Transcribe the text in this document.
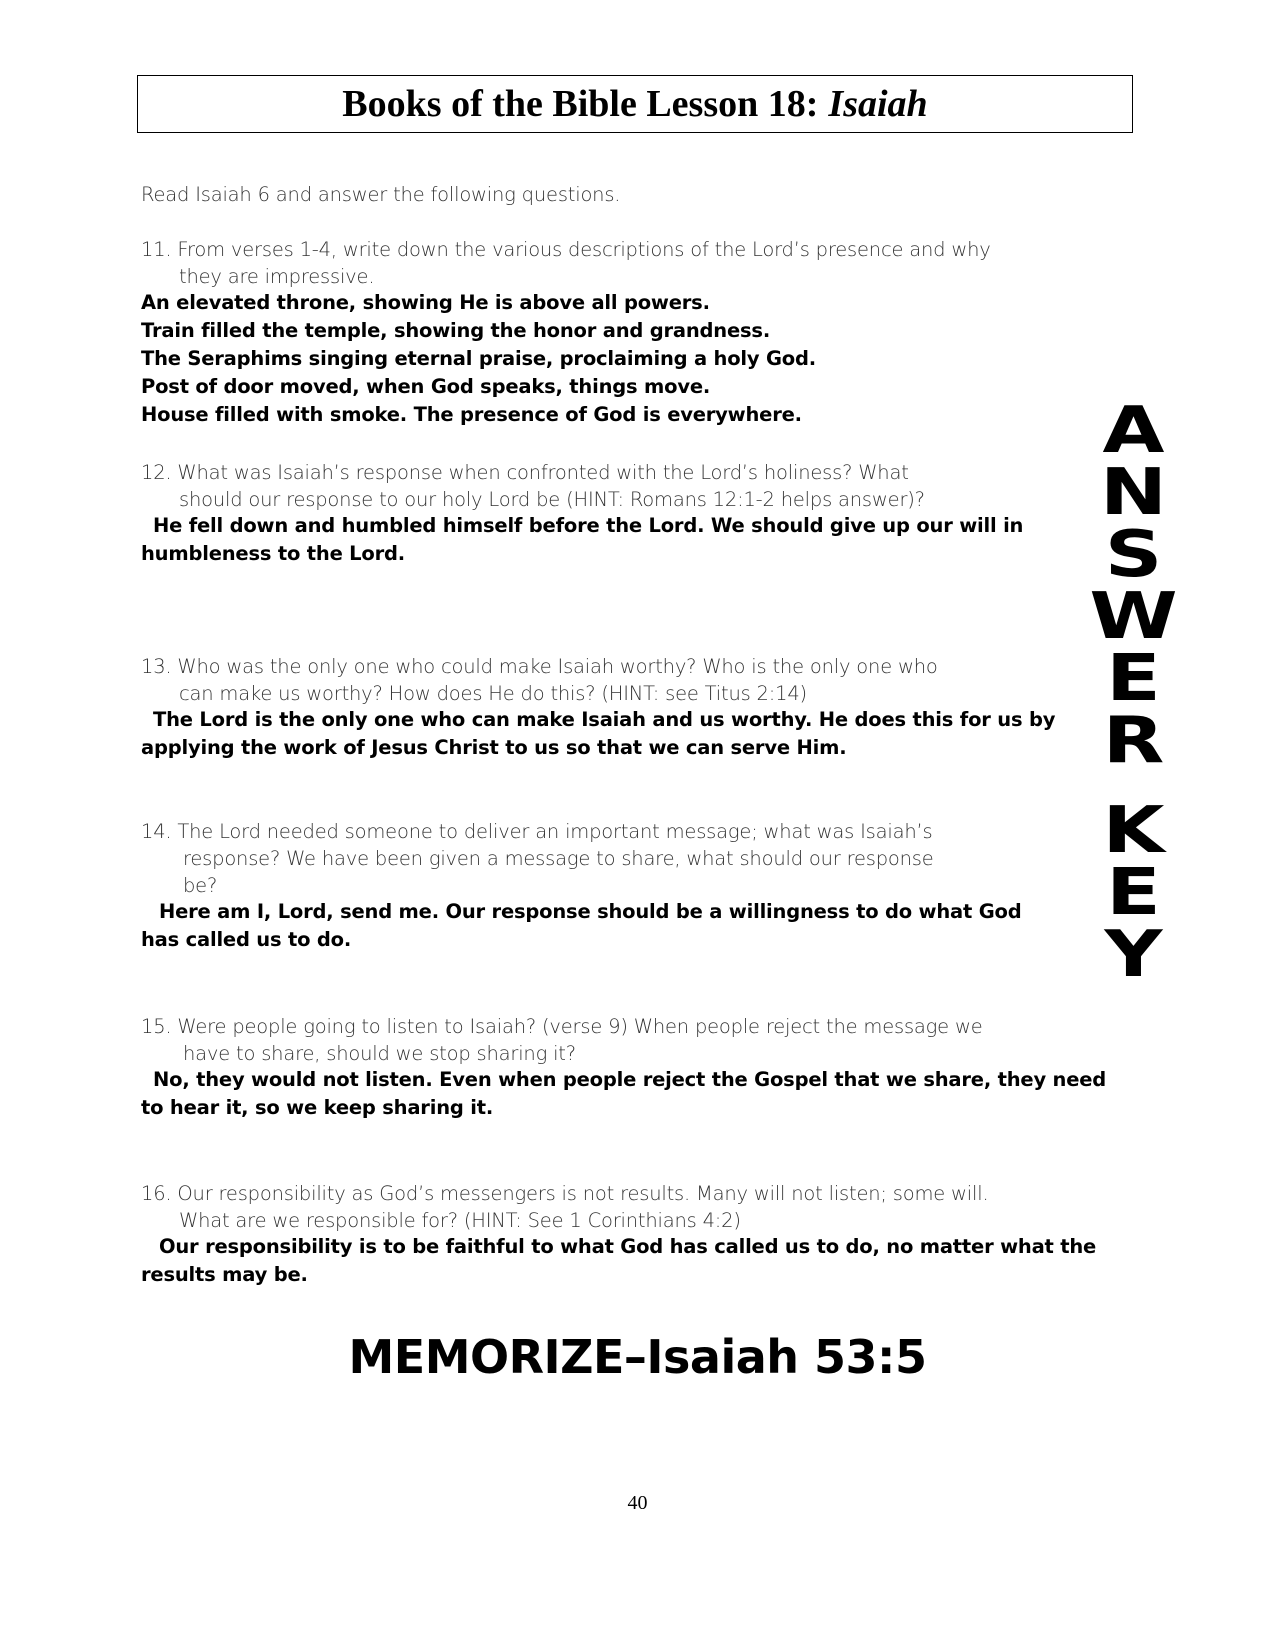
Books of the Bible Lesson 18: Isaiah
Read Isaiah 6 and answer the following questions.
11. From verses 1-4, write down the various descriptions of the Lord’s presence and why
they are impressive.
An elevated throne, showing He is above all powers.
Train filled the temple, showing the honor and grandness.
The Seraphims singing eternal praise, proclaiming a holy God.
Post of door moved, when God speaks, things move.
House filled with smoke. The presence of God is everywhere.
12. What was Isaiah’s response when confronted with the Lord’s holiness? What
should our response to our holy Lord be (HINT: Romans 12:1-2 helps answer)?
He fell down and humbled himself before the Lord. We should give up our will in
humbleness to the Lord.
13. Who was the only one who could make Isaiah worthy? Who is the only one who
can make us worthy? How does He do this? (HINT: see Titus 2:14)
The Lord is the only one who can make Isaiah and us worthy. He does this for us by
applying the work of Jesus Christ to us so that we can serve Him.
14. The Lord needed someone to deliver an important message; what was Isaiah’s
response? We have been given a message to share, what should our response
be?
Here am I, Lord, send me. Our response should be a willingness to do what God
has called us to do.
15. Were people going to listen to Isaiah? (verse 9) When people reject the message we
have to share, should we stop sharing it?
No, they would not listen. Even when people reject the Gospel that we share, they need
to hear it, so we keep sharing it.
16. Our responsibility as God’s messengers is not results. Many will not listen; some will.
What are we responsible for? (HINT: See 1 Corinthians 4:2)
Our responsibility is to be faithful to what God has called us to do, no matter what the
results may be.
A
N
S
W
E
R
K
E
Y
MEMORIZE–Isaiah 53:5
40
